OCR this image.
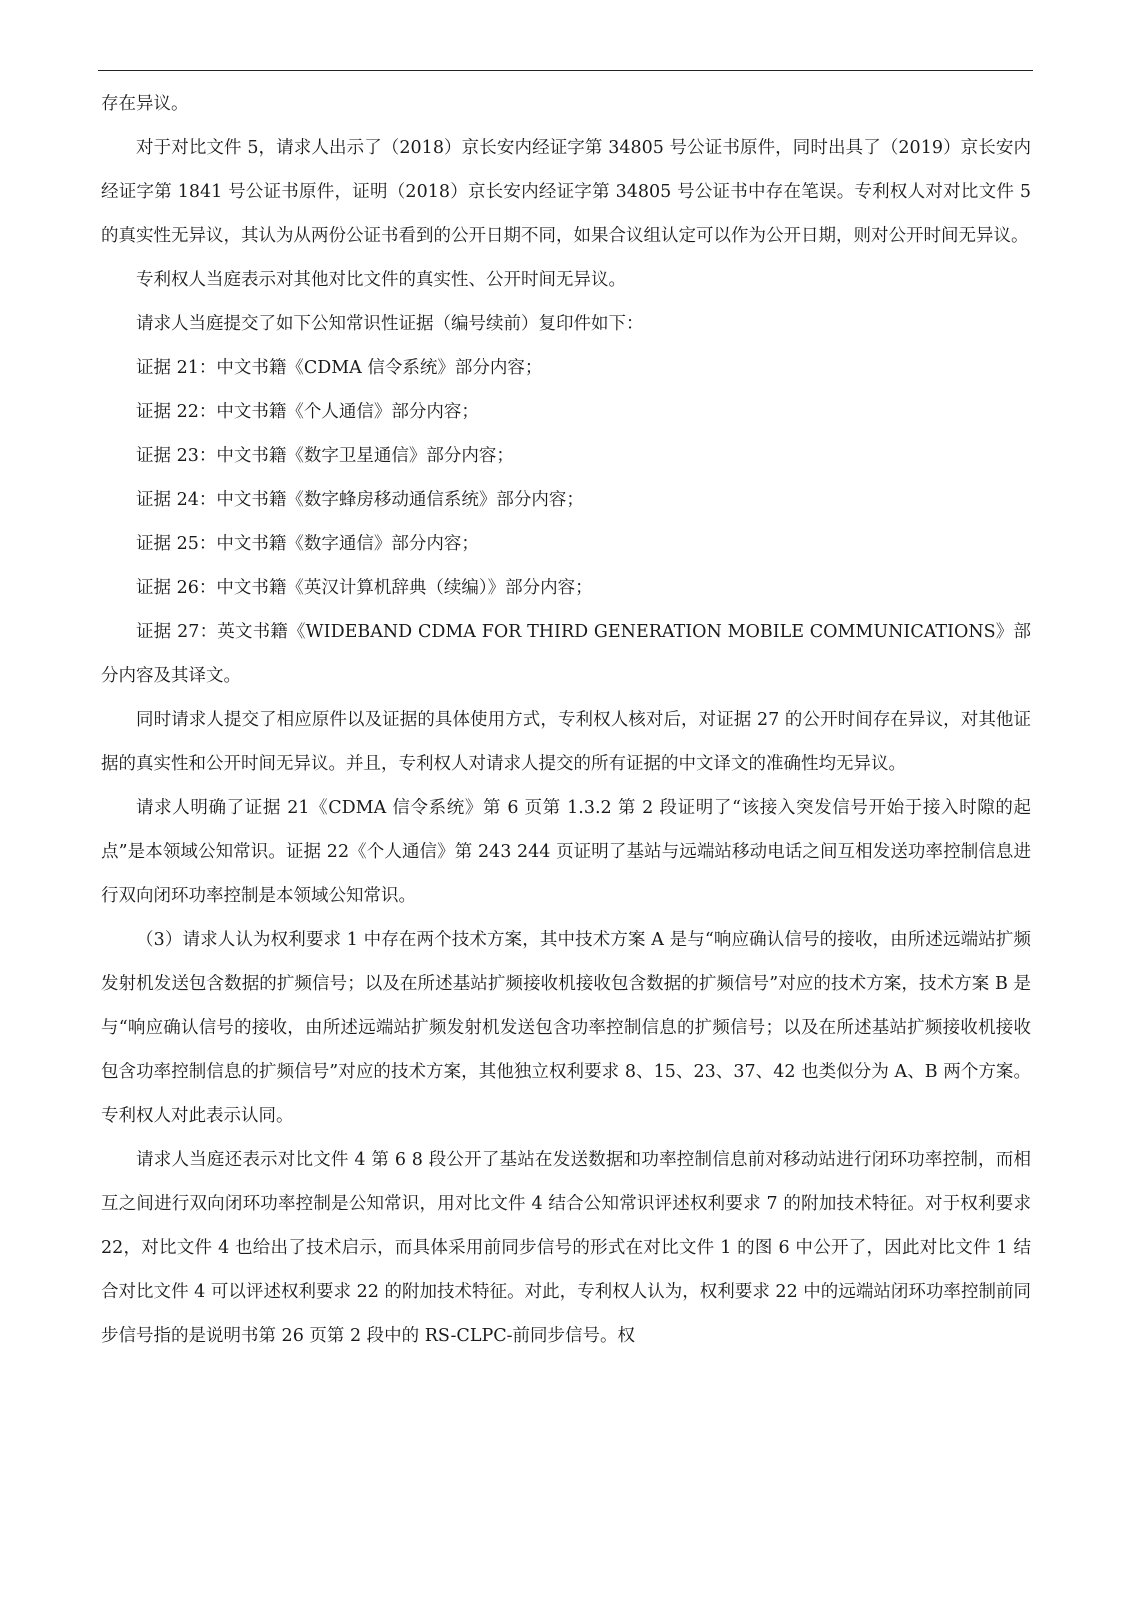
存在异议。

对于对比文件 5，请求人出示了（2018）京长安内经证字第 34805 号公证书原件，同时出具了（2019）京长安内经证字第 1841 号公证书原件，证明（2018）京长安内经证字第 34805 号公证书中存在笔误。专利权人对对比文件 5 的真实性无异议，其认为从两份公证书看到的公开日期不同，如果合议组认定可以作为公开日期，则对公开时间无异议。

专利权人当庭表示对其他对比文件的真实性、公开时间无异议。

请求人当庭提交了如下公知常识性证据（编号续前）复印件如下：

证据 21：中文书籍《CDMA 信令系统》部分内容；

证据 22：中文书籍《个人通信》部分内容；

证据 23：中文书籍《数字卫星通信》部分内容；

证据 24：中文书籍《数字蜂房移动通信系统》部分内容；

证据 25：中文书籍《数字通信》部分内容；

证据 26：中文书籍《英汉计算机辞典（续编）》部分内容；

证据 27：英文书籍《WIDEBAND CDMA FOR THIRD GENERATION MOBILE COMMUNICATIONS》部分内容及其译文。

同时请求人提交了相应原件以及证据的具体使用方式，专利权人核对后，对证据 27 的公开时间存在异议，对其他证据的真实性和公开时间无异议。并且，专利权人对请求人提交的所有证据的中文译文的准确性均无异议。

请求人明确了证据 21《CDMA 信令系统》第 6 页第 1.3.2 第 2 段证明了“该接入突发信号开始于接入时隙的起点”是本领域公知常识。证据 22《个人通信》第 243 244 页证明了基站与远端站移动电话之间互相发送功率控制信息进行双向闭环功率控制是本领域公知常识。

（3）请求人认为权利要求 1 中存在两个技术方案，其中技术方案 A 是与“响应确认信号的接收，由所述远端站扩频发射机发送包含数据的扩频信号；以及在所述基站扩频接收机接收包含数据的扩频信号”对应的技术方案，技术方案 B 是与“响应确认信号的接收，由所述远端站扩频发射机发送包含功率控制信息的扩频信号；以及在所述基站扩频接收机接收包含功率控制信息的扩频信号”对应的技术方案，其他独立权利要求 8、15、23、37、42 也类似分为 A、B 两个方案。专利权人对此表示认同。

请求人当庭还表示对比文件 4 第 6 8 段公开了基站在发送数据和功率控制信息前对移动站进行闭环功率控制，而相互之间进行双向闭环功率控制是公知常识，用对比文件 4 结合公知常识评述权利要求 7 的附加技术特征。对于权利要求 22，对比文件 4 也给出了技术启示，而具体采用前同步信号的形式在对比文件 1 的图 6 中公开了，因此对比文件 1 结合对比文件 4 可以评述权利要求 22 的附加技术特征。对此，专利权人认为，权利要求 22 中的远端站闭环功率控制前同步信号指的是说明书第 26 页第 2 段中的 RS-CLPC-前同步信号。权
